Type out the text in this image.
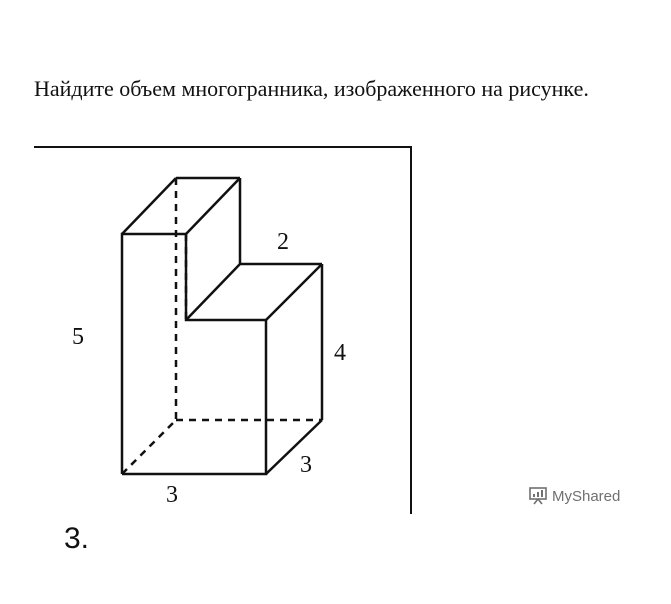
Найдите объем многогранника, изображенного на рисунке.

5
2
4
3
3	MyShared
3.
